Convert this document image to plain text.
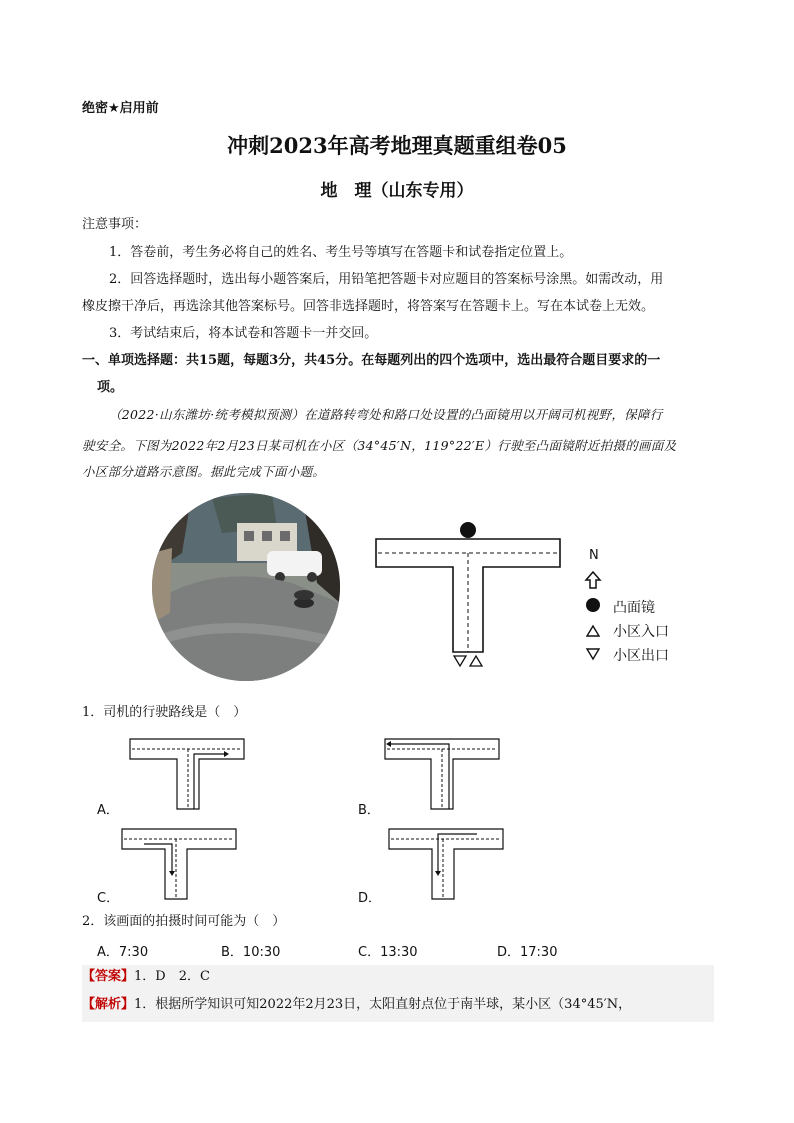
绝密★启用前
冲刺2023年高考地理真题重组卷05
地　理（山东专用）
注意事项：
1．答卷前，考生务必将自己的姓名、考生号等填写在答题卡和试卷指定位置上。
2．回答选择题时，选出每小题答案后，用铅笔把答题卡对应题目的答案标号涂黑。如需改动，用
橡皮擦干净后，再选涂其他答案标号。回答非选择题时，将答案写在答题卡上。写在本试卷上无效。
3．考试结束后，将本试卷和答题卡一并交回。
一、单项选择题：共15题，每题3分，共45分。在每题列出的四个选项中，选出最符合题目要求的一
项。
（2022·山东潍坊·统考模拟预测）在道路转弯处和路口处设置的凸面镜用以开阔司机视野，保障行
驶安全。下图为2022年2月23日某司机在小区（34°45′N，119°22′E）行驶至凸面镜附近拍摄的画面及
小区部分道路示意图。据此完成下面小题。
N
凸面镜
小区入口
小区出口
1．司机的行驶路线是（　）
A．	B．
C．	D．
2．该画面的拍摄时间可能为（　）
A．7:30	B．10:30	C．13:30	D．17:30
【答案】1．D　2．C
【解析】1．根据所学知识可知2022年2月23日，太阳直射点位于南半球，某小区（34°45′N，
